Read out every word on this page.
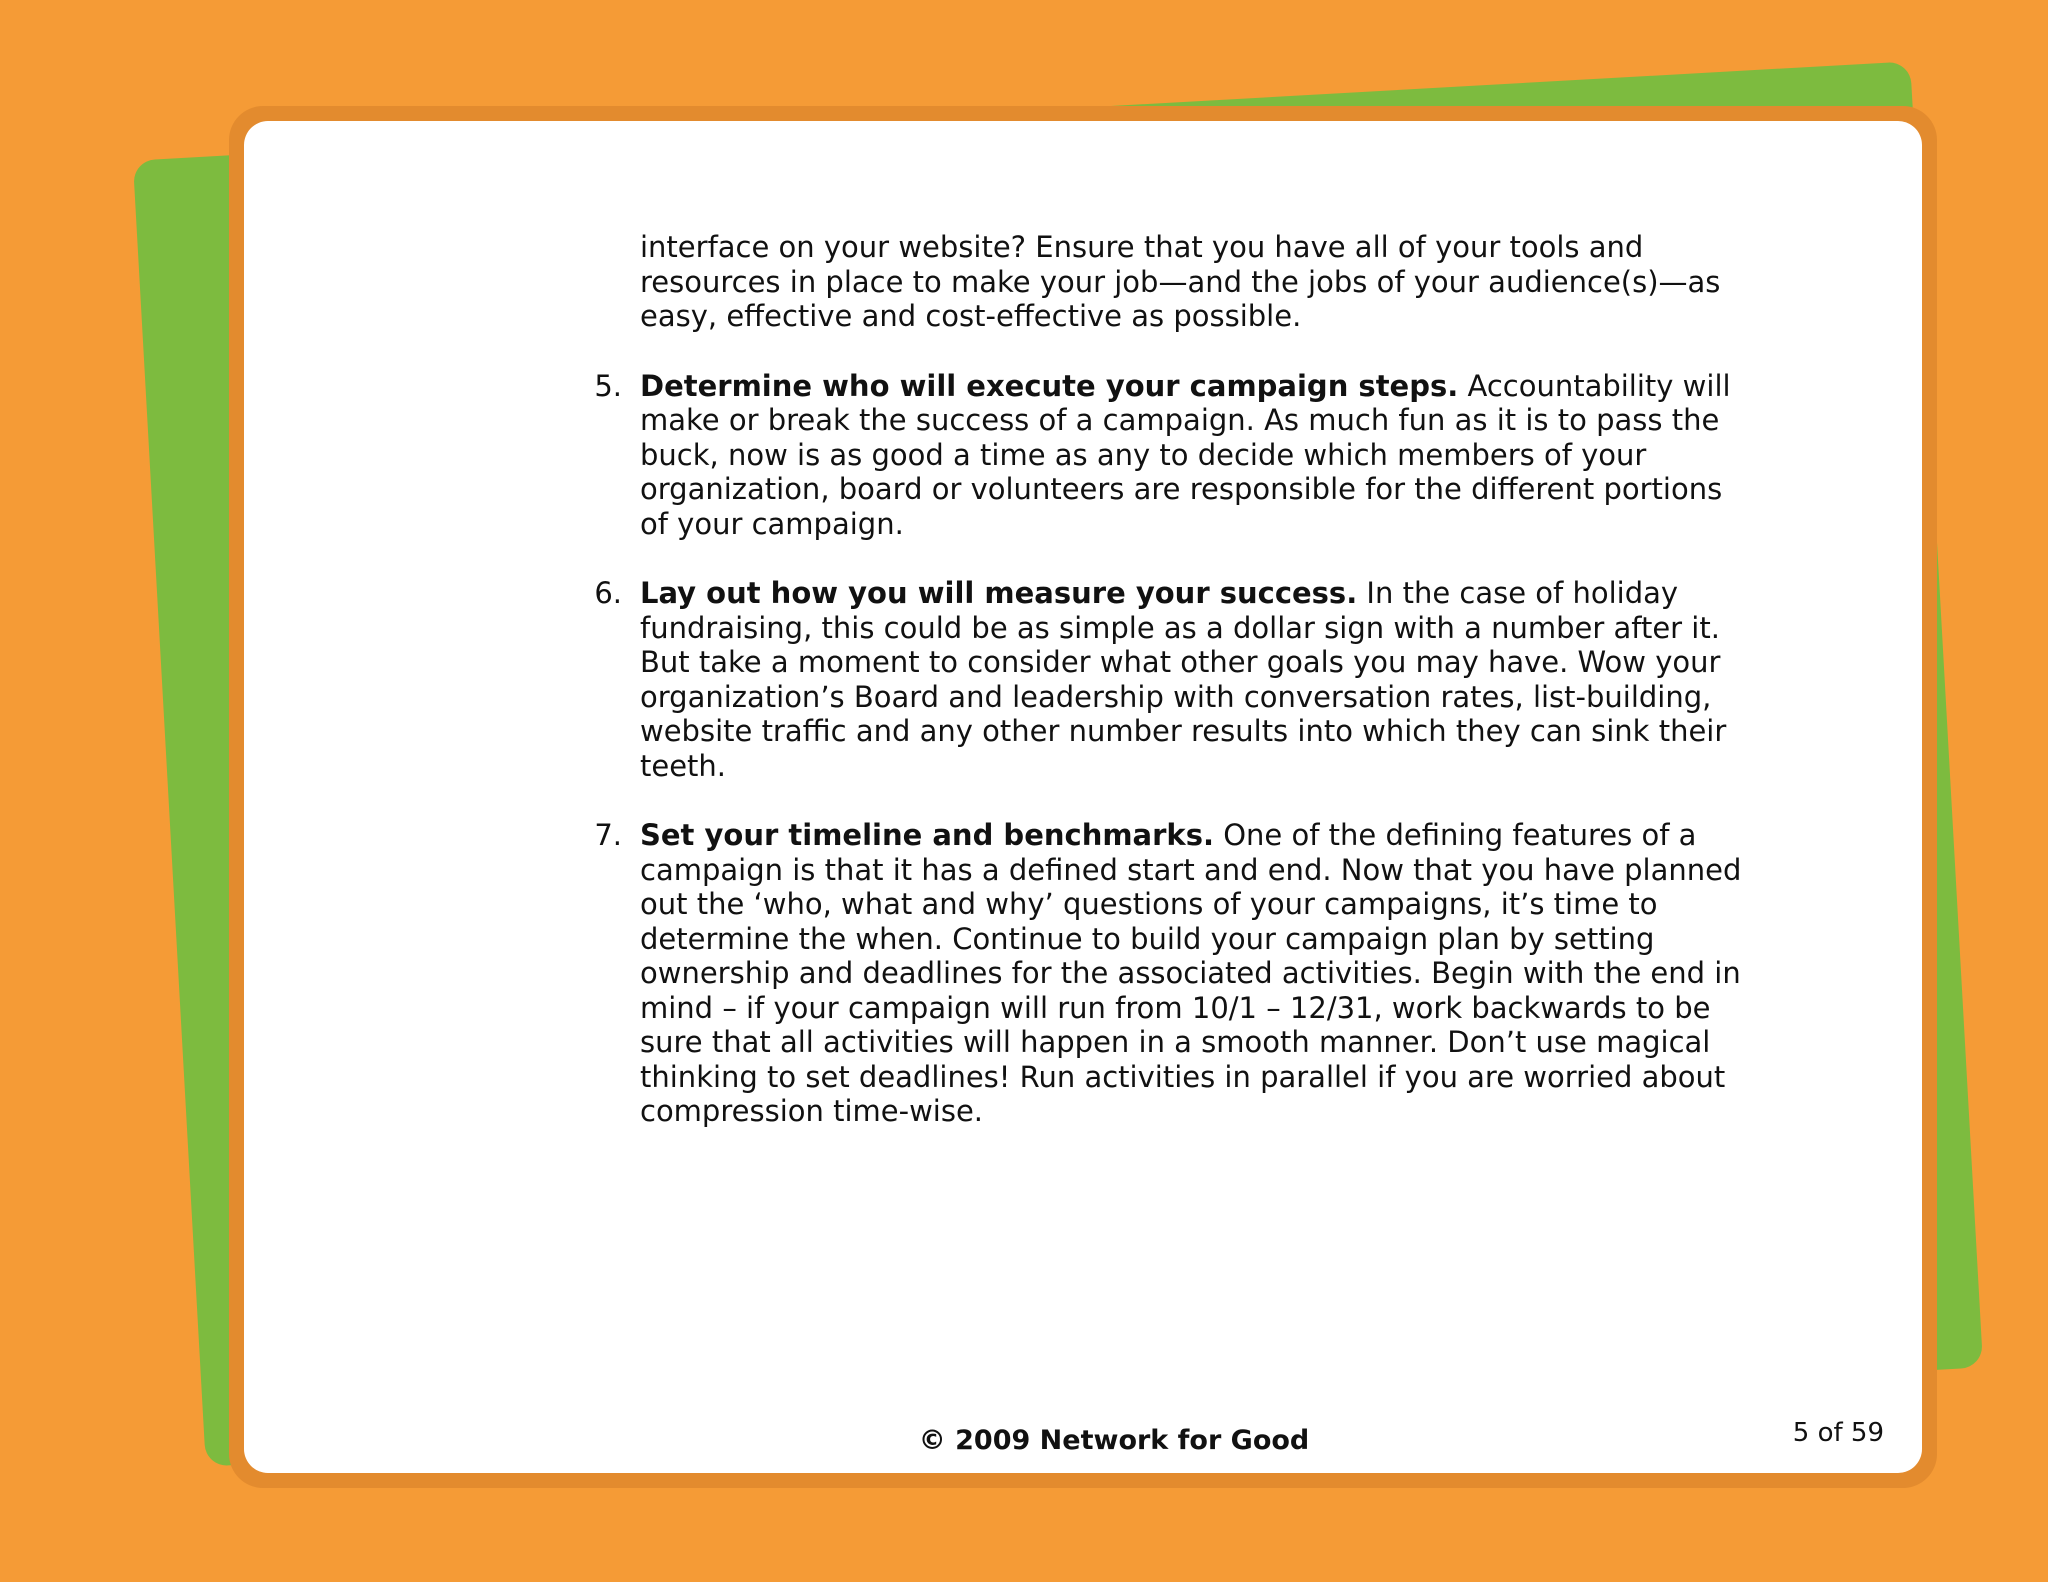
interface on your website? Ensure that you have all of your tools and resources in place to make your job—and the jobs of your audience(s)—as easy, effective and cost-effective as possible.

5. Determine who will execute your campaign steps. Accountability will make or break the success of a campaign. As much fun as it is to pass the buck, now is as good a time as any to decide which members of your organization, board or volunteers are responsible for the different portions of your campaign.
6. Lay out how you will measure your success. In the case of holiday fundraising, this could be as simple as a dollar sign with a number after it. But take a moment to consider what other goals you may have. Wow your organization’s Board and leadership with conversation rates, list-building, website traffic and any other number results into which they can sink their teeth.
7. Set your timeline and benchmarks. One of the defining features of a campaign is that it has a defined start and end. Now that you have planned out the ‘who, what and why’ questions of your campaigns, it’s time to determine the when. Continue to build your campaign plan by setting ownership and deadlines for the associated activities. Begin with the end in mind – if your campaign will run from 10/1 – 12/31, work backwards to be sure that all activities will happen in a smooth manner. Don’t use magical thinking to set deadlines! Run activities in parallel if you are worried about compression time-wise.
© 2009 Network for Good	5 of 59
